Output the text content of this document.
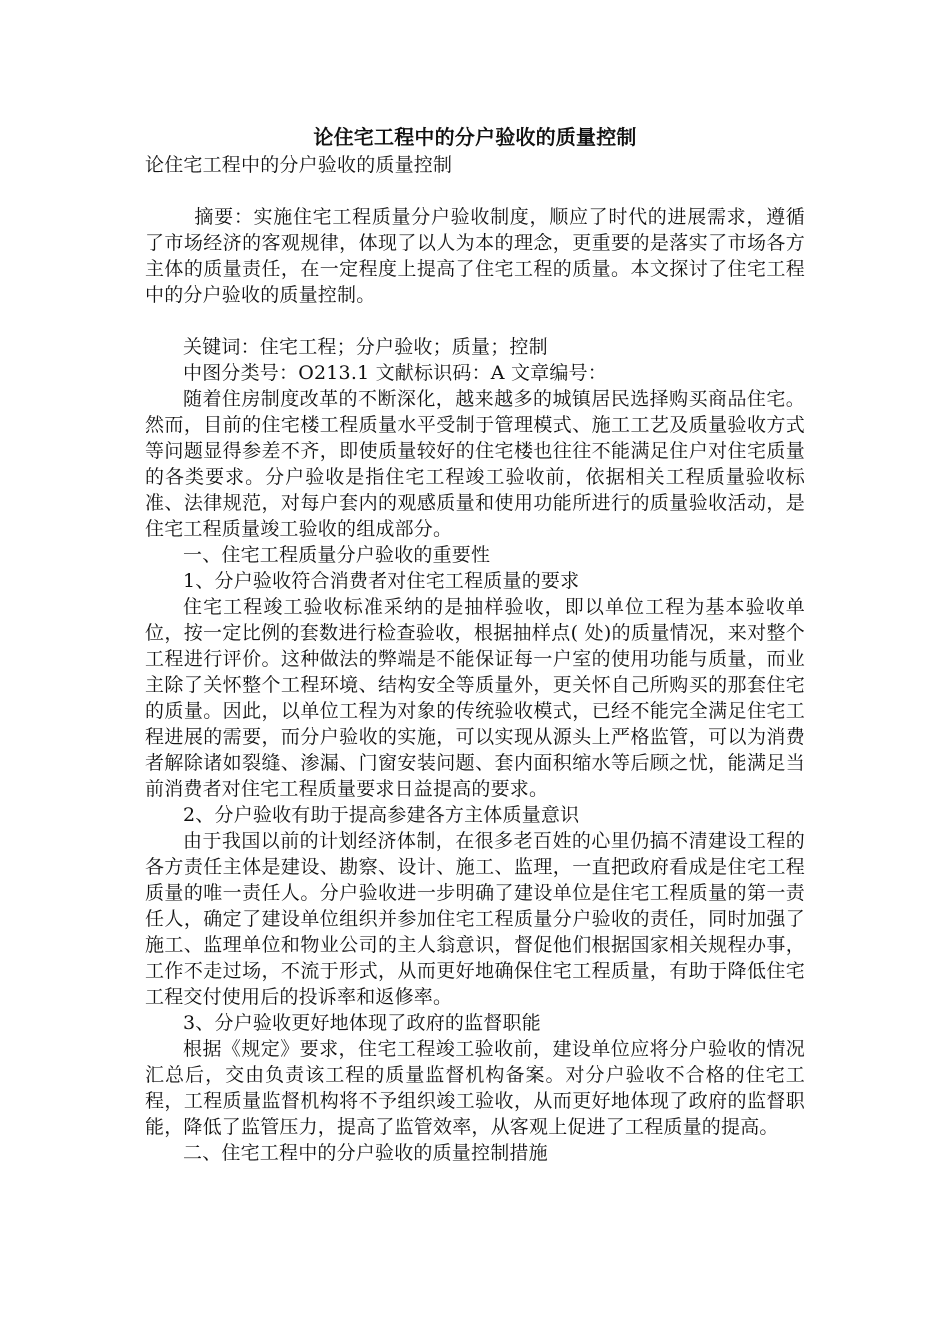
论住宅工程中的分户验收的质量控制
论住宅工程中的分户验收的质量控制

摘要：实施住宅工程质量分户验收制度，顺应了时代的进展需求，遵循了市场经济的客观规律，体现了以人为本的理念，更重要的是落实了市场各方主体的质量责任，在一定程度上提高了住宅工程的质量。本文探讨了住宅工程中的分户验收的质量控制。

关键词：住宅工程；分户验收；质量；控制

中图分类号：O213.1 文献标识码：A 文章编号：

随着住房制度改革的不断深化，越来越多的城镇居民选择购买商品住宅。然而，目前的住宅楼工程质量水平受制于管理模式、施工工艺及质量验收方式等问题显得参差不齐，即使质量较好的住宅楼也往往不能满足住户对住宅质量的各类要求。分户验收是指住宅工程竣工验收前，依据相关工程质量验收标准、法律规范，对每户套内的观感质量和使用功能所进行的质量验收活动，是住宅工程质量竣工验收的组成部分。

一、住宅工程质量分户验收的重要性

1、分户验收符合消费者对住宅工程质量的要求

住宅工程竣工验收标准采纳的是抽样验收，即以单位工程为基本验收单位，按一定比例的套数进行检查验收，根据抽样点( 处)的质量情况，来对整个工程进行评价。这种做法的弊端是不能保证每一户室的使用功能与质量，而业主除了关怀整个工程环境、结构安全等质量外，更关怀自己所购买的那套住宅的质量。因此，以单位工程为对象的传统验收模式，已经不能完全满足住宅工程进展的需要，而分户验收的实施，可以实现从源头上严格监管，可以为消费者解除诸如裂缝、渗漏、门窗安装问题、套内面积缩水等后顾之忧，能满足当前消费者对住宅工程质量要求日益提高的要求。

2、分户验收有助于提高参建各方主体质量意识

由于我国以前的计划经济体制，在很多老百姓的心里仍搞不清建设工程的各方责任主体是建设、勘察、设计、施工、监理，一直把政府看成是住宅工程质量的唯一责任人。分户验收进一步明确了建设单位是住宅工程质量的第一责任人，确定了建设单位组织并参加住宅工程质量分户验收的责任，同时加强了施工、监理单位和物业公司的主人翁意识，督促他们根据国家相关规程办事，工作不走过场，不流于形式，从而更好地确保住宅工程质量，有助于降低住宅工程交付使用后的投诉率和返修率。

3、分户验收更好地体现了政府的监督职能

根据《规定》要求，住宅工程竣工验收前，建设单位应将分户验收的情况汇总后，交由负责该工程的质量监督机构备案。对分户验收不合格的住宅工程，工程质量监督机构将不予组织竣工验收，从而更好地体现了政府的监督职能，降低了监管压力，提高了监管效率，从客观上促进了工程质量的提高。

二、住宅工程中的分户验收的质量控制措施
